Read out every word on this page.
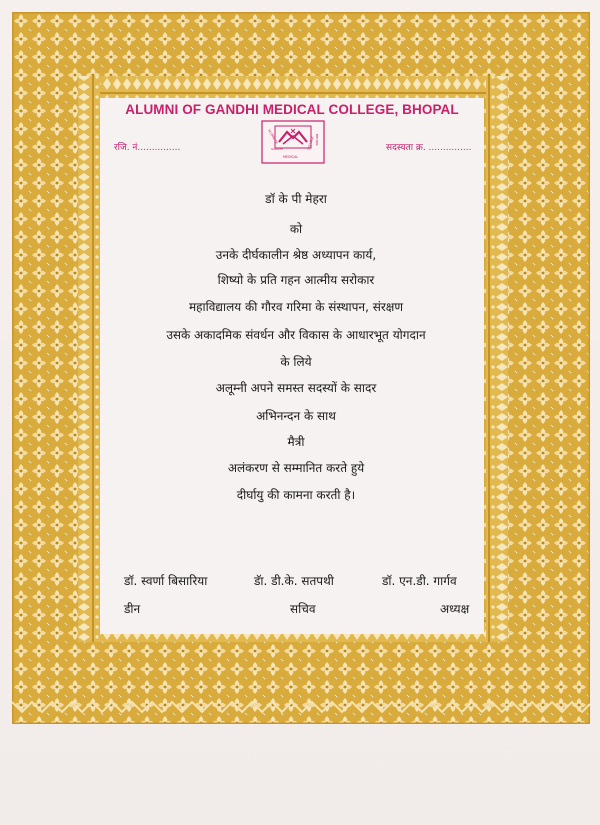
ALUMNI OF GANDHI MEDICAL COLLEGE, BHOPAL
रजि. नं...............	सदस्यता क्र. ...............
ALUMNI OF
GANDHI
MEDICAL
COLLEGE BHOPAL
डॉ के पी मेहरा
को
उनके दीर्घकालीन श्रेष्ठ अध्यापन कार्य,
शिष्यो के प्रति गहन आत्मीय सरोकार
महाविद्यालय की गौरव गरिमा के संस्थापन, संरक्षण
उसके अकादमिक संवर्धन और विकास के आधारभूत योगदान
के लिये
अलूम्नी अपने समस्त सदस्यों के सादर
अभिनन्दन के साथ
मैत्री
अलंकरण से सम्मानित करते हुये
दीर्घायु की कामना करती है।
डॉ. स्वर्णा बिसारिया	डॅा. डी.के. सतपथी	डॉ. एन.डी. गार्गव
डीन	सचिव	अध्यक्ष
